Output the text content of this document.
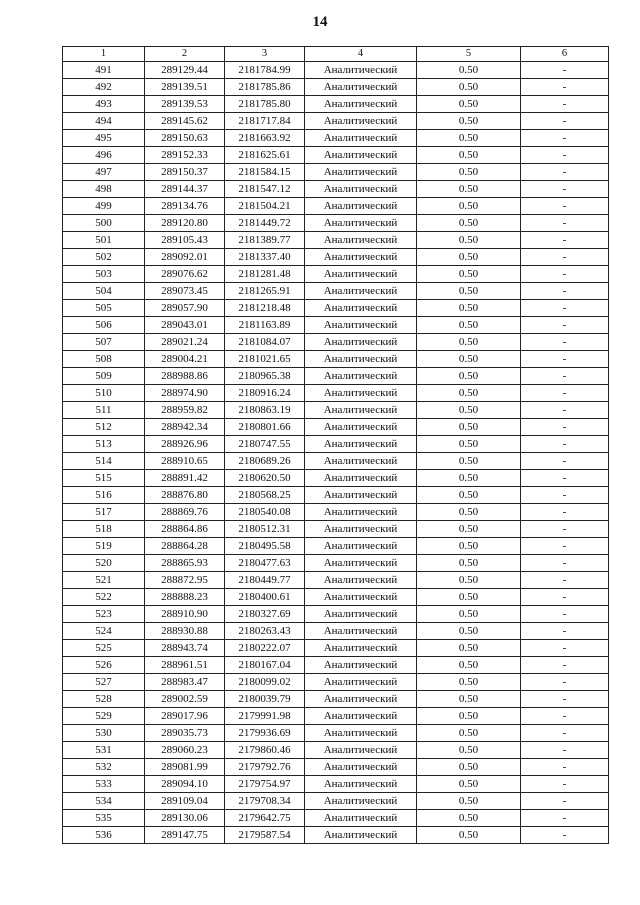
14
1	2	3	4	5	6
491	289129.44	2181784.99	Аналитический	0.50	-
492	289139.51	2181785.86	Аналитический	0.50	-
493	289139.53	2181785.80	Аналитический	0.50	-
494	289145.62	2181717.84	Аналитический	0.50	-
495	289150.63	2181663.92	Аналитический	0.50	-
496	289152.33	2181625.61	Аналитический	0.50	-
497	289150.37	2181584.15	Аналитический	0.50	-
498	289144.37	2181547.12	Аналитический	0.50	-
499	289134.76	2181504.21	Аналитический	0.50	-
500	289120.80	2181449.72	Аналитический	0.50	-
501	289105.43	2181389.77	Аналитический	0.50	-
502	289092.01	2181337.40	Аналитический	0.50	-
503	289076.62	2181281.48	Аналитический	0.50	-
504	289073.45	2181265.91	Аналитический	0.50	-
505	289057.90	2181218.48	Аналитический	0.50	-
506	289043.01	2181163.89	Аналитический	0.50	-
507	289021.24	2181084.07	Аналитический	0.50	-
508	289004.21	2181021.65	Аналитический	0.50	-
509	288988.86	2180965.38	Аналитический	0.50	-
510	288974.90	2180916.24	Аналитический	0.50	-
511	288959.82	2180863.19	Аналитический	0.50	-
512	288942.34	2180801.66	Аналитический	0.50	-
513	288926.96	2180747.55	Аналитический	0.50	-
514	288910.65	2180689.26	Аналитический	0.50	-
515	288891.42	2180620.50	Аналитический	0.50	-
516	288876.80	2180568.25	Аналитический	0.50	-
517	288869.76	2180540.08	Аналитический	0.50	-
518	288864.86	2180512.31	Аналитический	0.50	-
519	288864.28	2180495.58	Аналитический	0.50	-
520	288865.93	2180477.63	Аналитический	0.50	-
521	288872.95	2180449.77	Аналитический	0.50	-
522	288888.23	2180400.61	Аналитический	0.50	-
523	288910.90	2180327.69	Аналитический	0.50	-
524	288930.88	2180263.43	Аналитический	0.50	-
525	288943.74	2180222.07	Аналитический	0.50	-
526	288961.51	2180167.04	Аналитический	0.50	-
527	288983.47	2180099.02	Аналитический	0.50	-
528	289002.59	2180039.79	Аналитический	0.50	-
529	289017.96	2179991.98	Аналитический	0.50	-
530	289035.73	2179936.69	Аналитический	0.50	-
531	289060.23	2179860.46	Аналитический	0.50	-
532	289081.99	2179792.76	Аналитический	0.50	-
533	289094.10	2179754.97	Аналитический	0.50	-
534	289109.04	2179708.34	Аналитический	0.50	-
535	289130.06	2179642.75	Аналитический	0.50	-
536	289147.75	2179587.54	Аналитический	0.50	-
